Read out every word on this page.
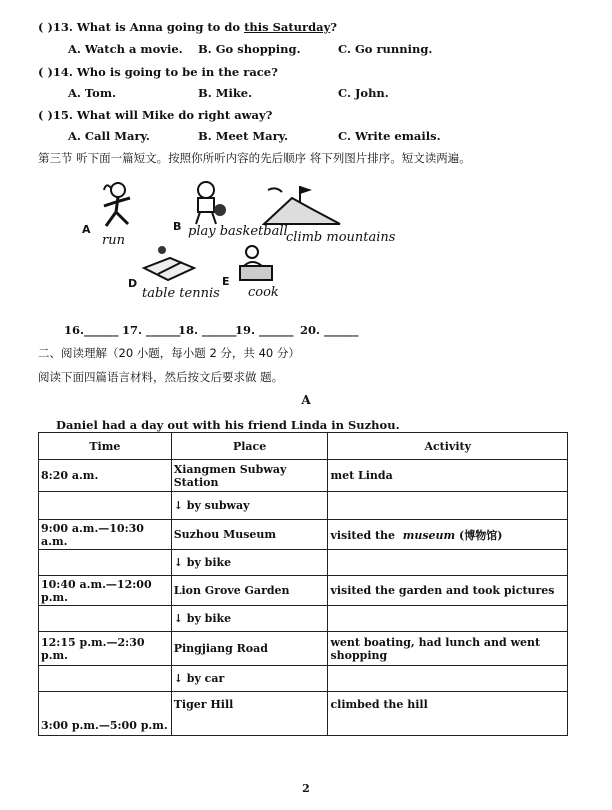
( )13. What is Anna going to do this Saturday?
A. Watch a movie. B. Go shopping.	C. Go running.
( )14. Who is going to be in the race?
A. Tom.	B. Mike.	C. John.
( )15. What will Mike do right away?
A. Call Mary.	B. Meet Mary.	C. Write emails.
第三节 听下面一篇短文。按照你所听内容的先后顺序 将下列图片排序。短文读两遍。
A
run
B play basketball
climb mountains
D
table tennis
E
cook
16.______ 17. ______
18. ______
19. ______ 20. ______
二、阅读理解（20 小题，每小题 2 分，共 40 分）
阅读下面四篇语言材料，然后按文后要求做 题。
A
Daniel had a day out with his friend Linda in Suzhou.
Time	Place	Activity
8:20 a.m.	Xiangmen Subway Station	met Linda
	↓ by subway	
9:00 a.m.—10:30 a.m.	Suzhou Museum	visited the  museum (博物馆)
	↓ by bike	
10:40 a.m.—12:00 p.m.	Lion Grove Garden	visited the garden and took pictures
	↓ by bike	
12:15 p.m.—2:30 p.m.	Pingjiang Road	went boating, had lunch and went shopping
	↓ by car	
3:00 p.m.—5:00 p.m.	Tiger Hill	climbed the hill
2
